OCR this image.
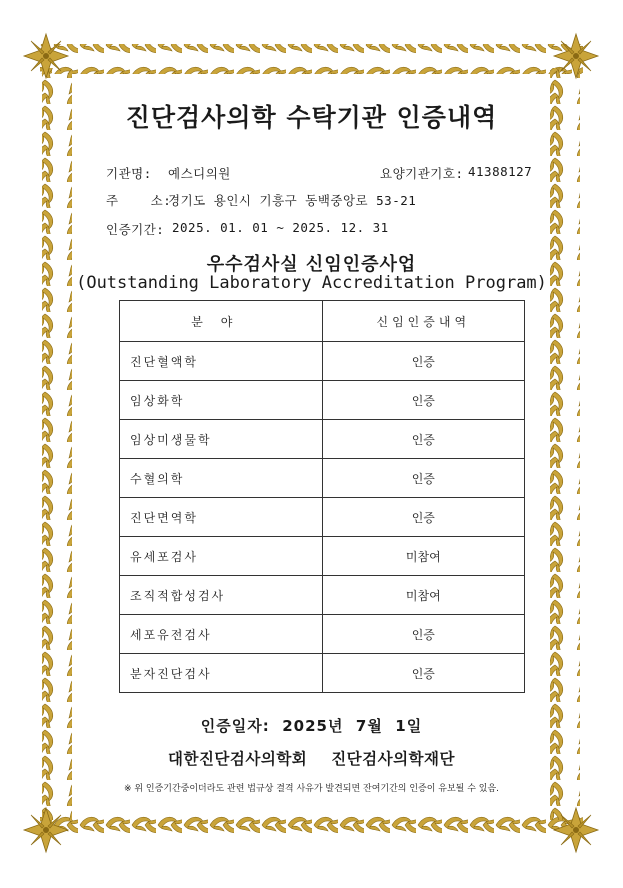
진단검사의학 수탁기관 인증내역
기관명: 예스디의원	요양기관기호: 41388127
주    소:
경기도 용인시 기흥구 동백중앙로 53-21
인증기간: 2025. 01. 01 ~ 2025. 12. 31
우수검사실 신임인증사업
(Outstanding Laboratory Accreditation Program)
분야	신임인증내역

진단혈액학	인증

임상화학	인증

임상미생물학	인증

수혈의학	인증

진단면역학	인증

유세포검사	미참여

조직적합성검사	미참여

세포유전검사	인증

분자진단검사	인증
인증일자:  2025년  7월  1일
대한진단검사의학회 진단검사의학재단
※ 위 인증기간중이더라도 관련 법규상 결격 사유가 발견되면 잔여기간의 인증이 유보될 수 있음.
